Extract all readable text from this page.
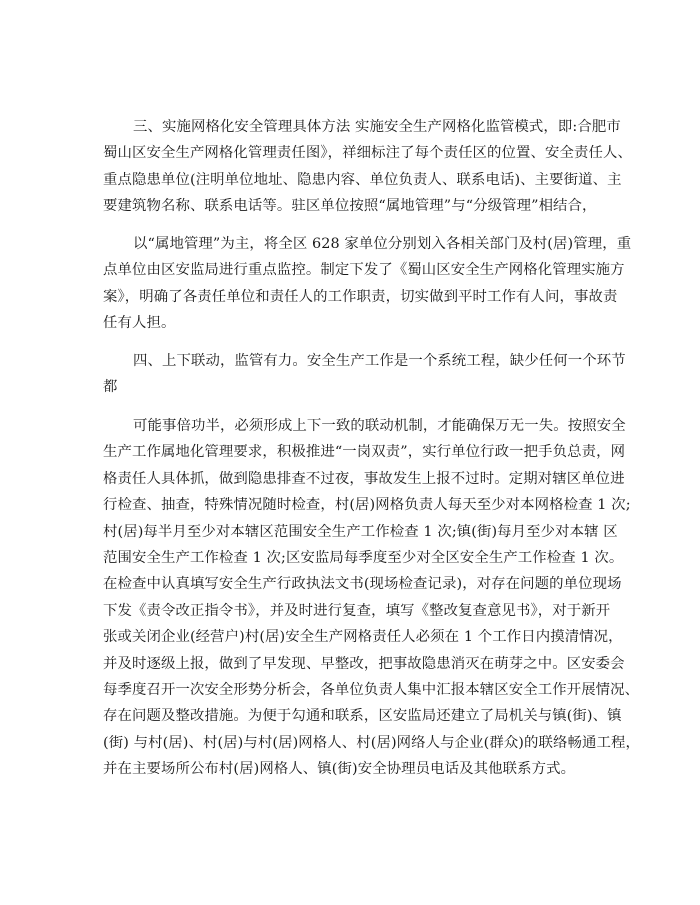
三、实施网格化安全管理具体方法 实施安全生产网格化监管模式，即:合肥市
蜀山区安全生产网格化管理责任图》，祥细标注了每个责任区的位置、安全责任人、
重点隐患单位(注明单位地址、隐患内容、单位负责人、联系电话)、主要街道、主
要建筑物名称、联系电话等。驻区单位按照“属地管理”与“分级管理”相结合，
以“属地管理”为主，将全区 628 家单位分别划入各相关部门及村(居)管理，重
点单位由区安监局进行重点监控。制定下发了《蜀山区安全生产网格化管理实施方
案》，明确了各责任单位和责任人的工作职责，切实做到平时工作有人问，事故责
任有人担。
四、上下联动，监管有力。安全生产工作是一个系统工程，缺少任何一个环节
都
可能事倍功半，必须形成上下一致的联动机制，才能确保万无一失。按照安全
生产工作属地化管理要求，积极推进“一岗双责”，实行单位行政一把手负总责，网
格责任人具体抓，做到隐患排查不过夜，事故发生上报不过时。定期对辖区单位进
行检查、抽查，特殊情况随时检查，村(居)网格负责人每天至少对本网格检查 1 次;
村(居)每半月至少对本辖区范围安全生产工作检查 1 次;镇(街)每月至少对本辖 区
范围安全生产工作检查 1 次;区安监局每季度至少对全区安全生产工作检查 1 次。
在检查中认真填写安全生产行政执法文书(现场检查记录)，对存在问题的单位现场
下发《责令改正指令书》，并及时进行复查，填写《整改复查意见书》，对于新开
张或关闭企业(经营户)村(居)安全生产网格责任人必须在 1 个工作日内摸清情况，
并及时逐级上报，做到了早发现、早整改，把事故隐患消灭在萌芽之中。区安委会
每季度召开一次安全形势分析会，各单位负责人集中汇报本辖区安全工作开展情况、
存在问题及整改措施。为便于勾通和联系，区安监局还建立了局机关与镇(街)、镇
(街) 与村(居)、村(居)与村(居)网格人、村(居)网络人与企业(群众)的联络畅通工程，
并在主要场所公布村(居)网格人、镇(街)安全协理员电话及其他联系方式。
